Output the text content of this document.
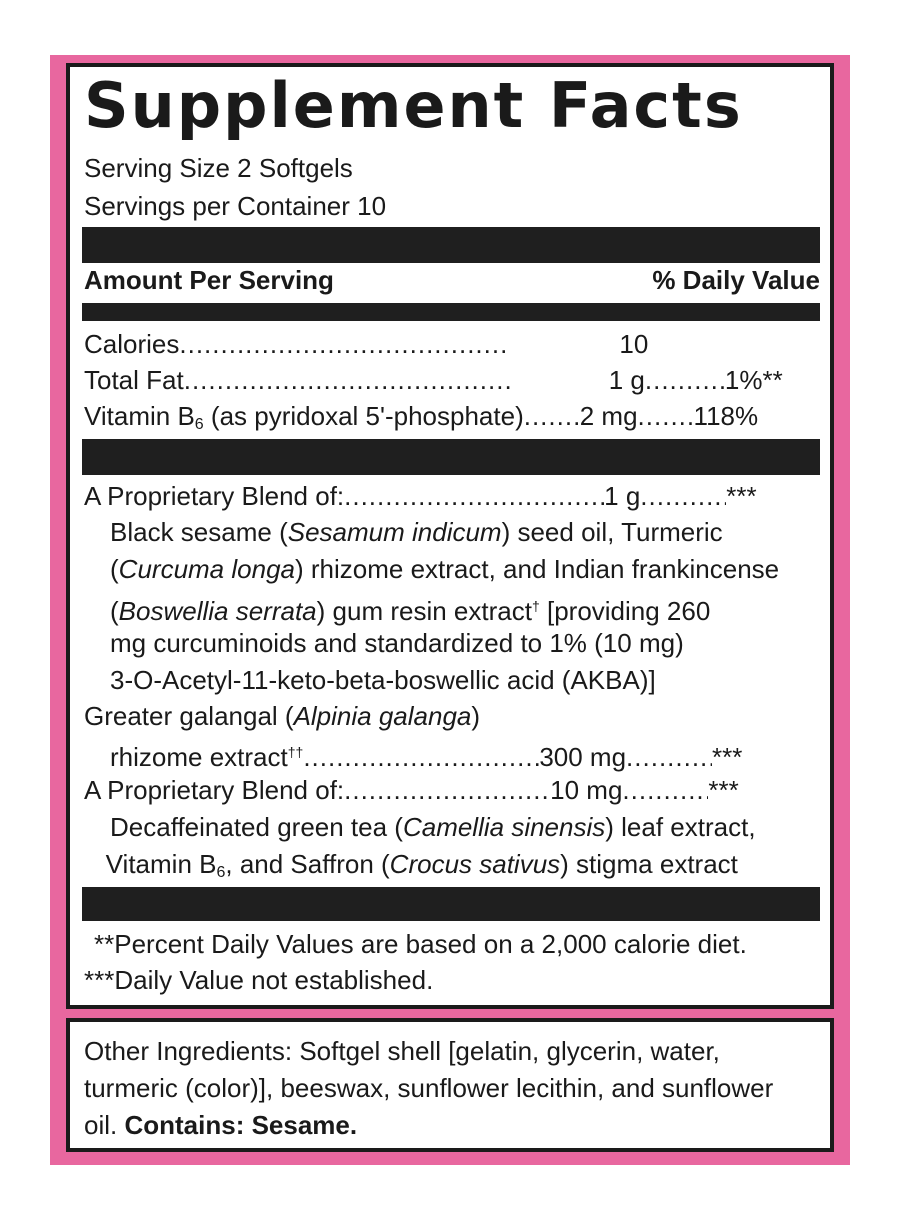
Supplement Facts
Serving Size 2 Softgels
Servings per Container 10
Amount Per Serving	% Daily Value
Calories .....	10
Total Fat .....	1 g .....	1%**
Vitamin $B_6$ (as pyridoxal 5'-phosphate) ..... 2 mg ..... 118%
A Proprietary Blend of: .....	1 g .....	***
Black sesame (Sesamum indicum) seed oil, Turmeric
(Curcuma longa) rhizome extract, and Indian frankincense
(Boswellia serrata) gum resin extract† [providing 260
mg curcuminoids and standardized to 1% (10 mg)
3-O-Acetyl-11-keto-beta-boswellic acid (AKBA)]
Greater galangal (Alpinia galanga)
rhizome extract†† .....	300 mg .....	***
A Proprietary Blend of: .....	10 mg .....	***
Decaffeinated green tea (Camellia sinensis) leaf extract,
Vitamin $B_6$, and Saffron (Crocus sativus) stigma extract
**Percent Daily Values are based on a 2,000 calorie diet.
***Daily Value not established.
Other Ingredients: Softgel shell [gelatin, glycerin, water,
turmeric (color)], beeswax, sunflower lecithin, and sunflower
oil. Contains: Sesame.
